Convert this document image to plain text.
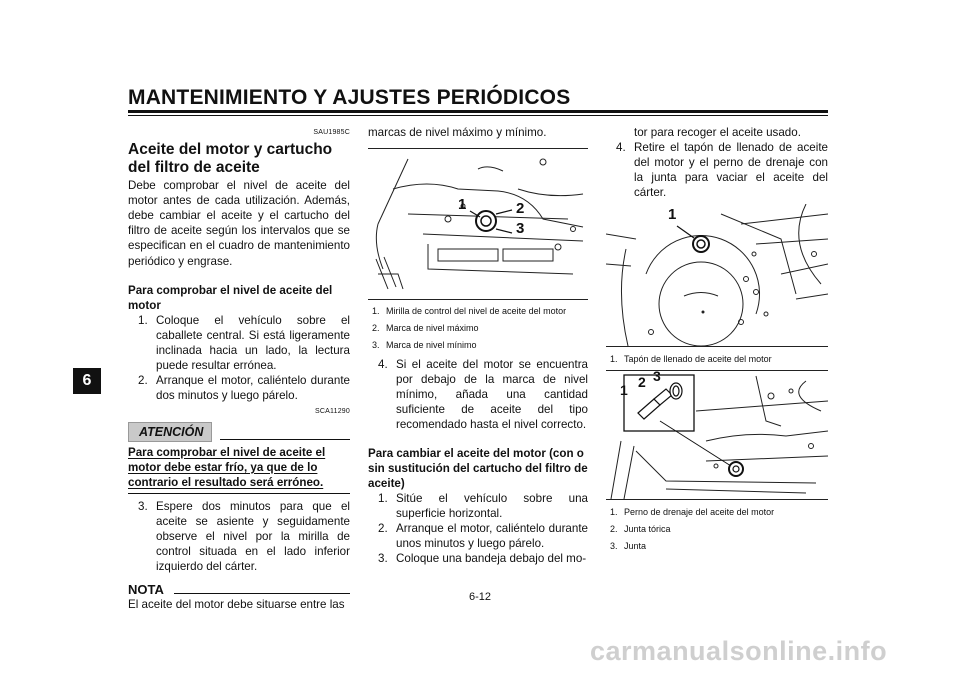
MANTENIMIENTO Y AJUSTES PERIÓDICOS
6
SAU1985C
Aceite del motor y cartucho del filtro de aceite

Debe comprobar el nivel de aceite del motor antes de cada utilización. Además, debe cambiar el aceite y el cartucho del filtro de aceite según los intervalos que se especifican en el cuadro de mantenimiento periódico y engrase.

Para comprobar el nivel de aceite del motor
1. Coloque el vehículo sobre el caballete central. Si está ligeramente inclinada hacia un lado, la lectura puede resultar errónea.
2. Arranque el motor, caliéntelo durante dos minutos y luego párelo.
SCA11290
ATENCIÓN
Para comprobar el nivel de aceite el motor debe estar frío, ya que de lo contrario el resultado será erróneo.
3. Espere dos minutos para que el aceite se asiente y seguidamente observe el nivel por la mirilla de control situada en el lado inferior izquierdo del cárter.
NOTA

El aceite del motor debe situarse entre las

marcas de nivel máximo y mínimo.
1	2
3
1. Mirilla de control del nivel de aceite del motor
2. Marca de nivel máximo
3. Marca de nivel mínimo
4. Si el aceite del motor se encuentra por debajo de la marca de nivel mínimo, añada una cantidad suficiente de aceite del tipo recomendado hasta el nivel correcto.
Para cambiar el aceite del motor (con o sin sustitución del cartucho del filtro de aceite)
1. Sitúe el vehículo sobre una superficie horizontal.
2. Arranque el motor, caliéntelo durante unos minutos y luego párelo.
3. Coloque una bandeja debajo del mo-
tor para recoger el aceite usado.
4. Retire el tapón de llenado de aceite del motor y el perno de drenaje con la junta para vaciar el aceite del cárter.
1
1. Tapón de llenado de aceite del motor
1 2 3
1. Perno de drenaje del aceite del motor
2. Junta tórica
3. Junta
6-12
carmanualsonline.info
